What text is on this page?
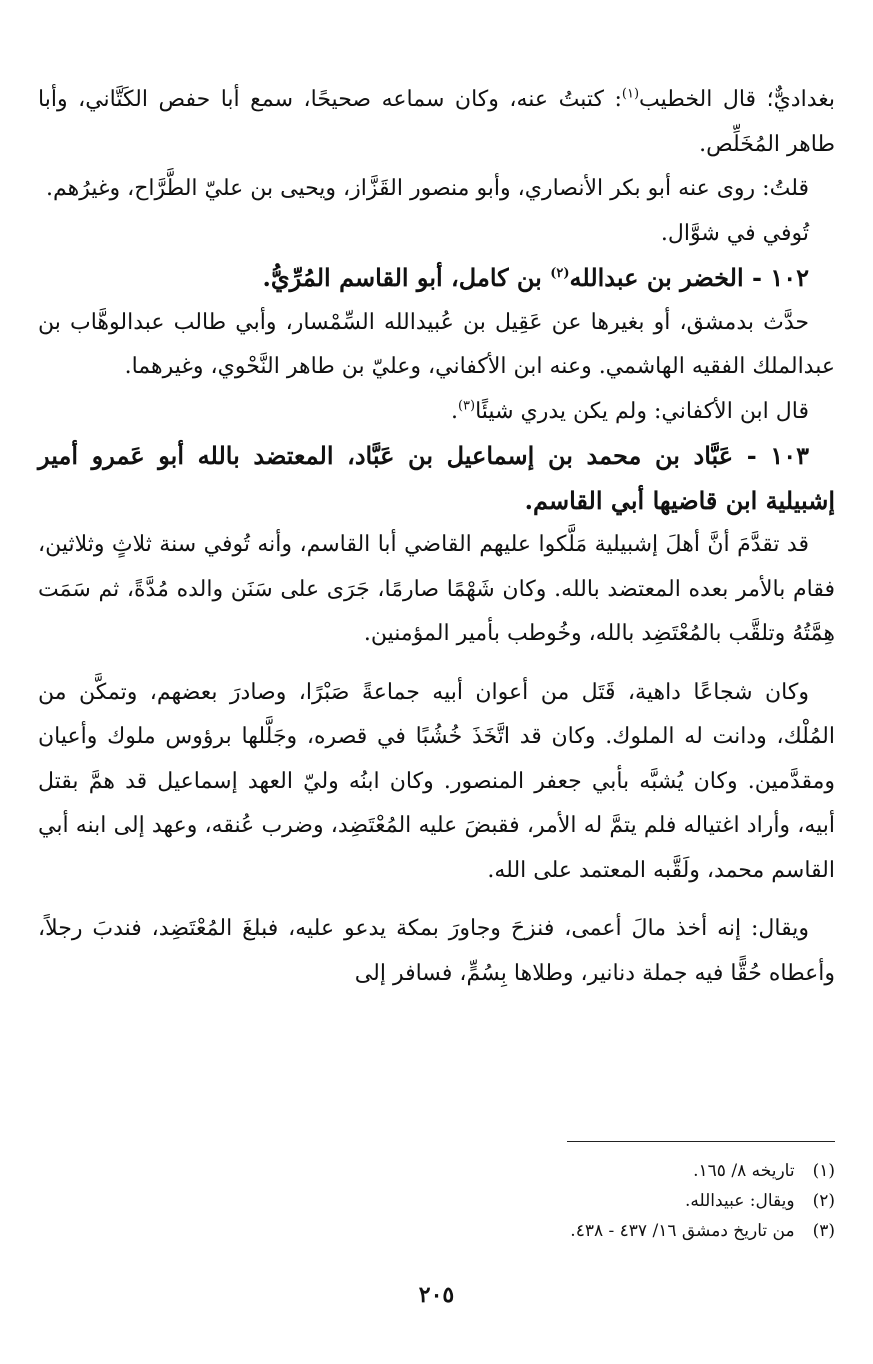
بغداديٌّ؛ قال الخطيب$^{(١)}$: كتبتُ عنه، وكان سماعه صحيحًا، سمع أبا حفص الكَتَّاني، وأبا طاهر المُخَلِّص.

قلتُ: روى عنه أبو بكر الأنصاري، وأبو منصور القَزَّاز، ويحيى بن عليّ الطَّرَّاح، وغيرُهم.

تُوفي في شوَّال.

١٠٢ - الخضر بن عبدالله$^{(٢)}$ بن كامل، أبو القاسم المُرِّيُّ.

حدَّث بدمشق، أو بغيرها عن عَقِيل بن عُبيدالله السِّمْسار، وأبي طالب عبدالوهَّاب بن عبدالملك الفقيه الهاشمي. وعنه ابن الأكفاني، وعليّ بن طاهر النَّحْوي، وغيرهما.

قال ابن الأكفاني: ولم يكن يدري شيئًا$^{(٣)}$.

١٠٣ - عَبَّاد بن محمد بن إسماعيل بن عَبَّاد، المعتضد بالله أبو عَمرو أمير إشبيلية ابن قاضيها أبي القاسم.

قد تقدَّمَ أنَّ أهلَ إشبيلية مَلَّكوا عليهم القاضي أبا القاسم، وأنه تُوفي سنة ثلاثٍ وثلاثين، فقام بالأمر بعده المعتضد بالله. وكان شَهْمًا صارمًا، جَرَى على سَنَن والده مُدَّةً، ثم سَمَت هِمَّتُهُ وتلقَّب بالمُعْتَضِد بالله، وخُوطب بأمير المؤمنين.

وكان شجاعًا داهية، قَتَل من أعوان أبيه جماعةً صَبْرًا، وصادرَ بعضهم، وتمكَّن من المُلْك، ودانت له الملوك. وكان قد اتَّخَذَ خُشُبًا في قصره، وجَلَّلها برؤوس ملوك وأعيان ومقدَّمين. وكان يُشبَّه بأبي جعفر المنصور. وكان ابنُه وليّ العهد إسماعيل قد همَّ بقتل أبيه، وأراد اغتياله فلم يتمَّ له الأمر، فقبضَ عليه المُعْتَضِد، وضرب عُنقه، وعهد إلى ابنه أبي القاسم محمد، ولَقَّبه المعتمد على الله.

ويقال: إنه أخذ مالَ أعمى، فنزحَ وجاورَ بمكة يدعو عليه، فبلغَ المُعْتَضِد، فندبَ رجلاً، وأعطاه حُقًّا فيه جملة دنانير، وطلاها بِسُمٍّ، فسافر إلى

(١)
تاريخه ٨/ ١٦٥.
(٢)
ويقال: عبيدالله.
(٣)
من تاريخ دمشق ١٦/ ٤٣٧ - ٤٣٨.
٢٠٥
